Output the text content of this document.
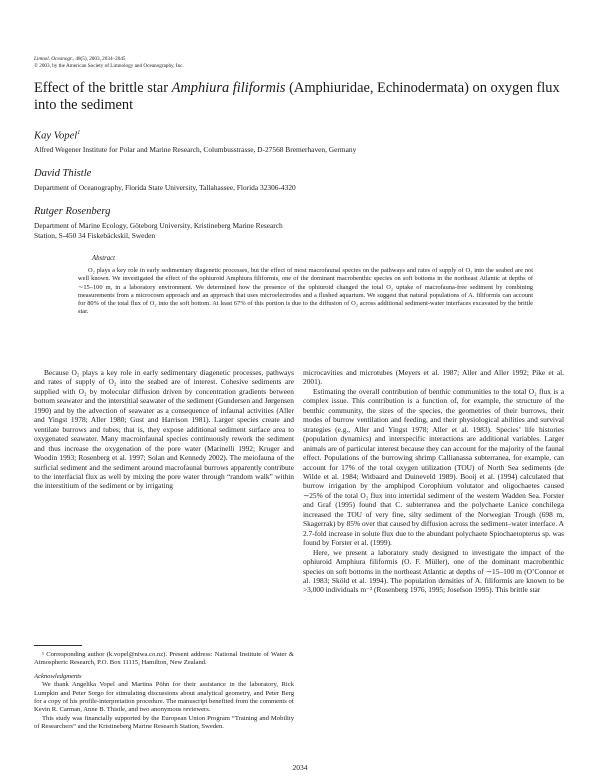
Limnol. Oceanogr., 48(5), 2003, 2034–2045
© 2003, by the American Society of Limnology and Oceanography, Inc.
Effect of the brittle star Amphiura filiformis (Amphiuridae, Echinodermata) on oxygen flux into the sediment
Kay Vopel$^1$
Alfred Wegener Institute for Polar and Marine Research, Columbusstrasse, D-27568 Bremerhaven, Germany
David Thistle
Department of Oceanography, Florida State University, Tallahassee, Florida 32306-4320
Rutger Rosenberg
Department of Marine Ecology, Göteborg University, Kristineberg Marine Research Station, S-450 34 Fiskebäckskil, Sweden
Abstract
O₂ plays a key role in early sedimentary diagenetic processes, but the effect of most macrofaunal species on the pathways and rates of supply of O₂ into the seabed are not well known. We investigated the effect of the ophiuroid Amphiura filiformis, one of the dominant macrobenthic species on soft bottoms in the northeast Atlantic at depths of ∼15–100 m, in a laboratory environment. We determined how the presence of the ophiuroid changed the total O₂ uptake of macrofauna-free sediment by combining measurements from a microcosm approach and an approach that uses microelectrodes and a flushed aquarium. We suggest that natural populations of A. filiformis can account for 80% of the total flux of O₂ into the soft bottom. At least 67% of this portion is due to the diffusion of O₂ across additional sediment-water interfaces excavated by the brittle star.

Because O₂ plays a key role in early sedimentary diagenetic processes, pathways and rates of supply of O₂ into the seabed are of interest. Cohesive sediments are supplied with O₂ by molecular diffusion driven by concentration gradients between bottom seawater and the interstitial seawater of the sediment (Gundersen and Jørgensen 1990) and by the advection of seawater as a consequence of infaunal activities (Aller and Yingst 1978; Aller 1980; Gust and Harrison 1981). Larger species create and ventilate burrows and tubes; that is, they expose additional sediment surface area to oxygenated seawater. Many macroinfaunal species continuously rework the sediment and thus increase the oxygenation of the pore water (Marinelli 1992; Kruger and Woodin 1993; Rosenberg et al. 1997; Solan and Kennedy 2002). The meiofauna of the surficial sediment and the sediment around macrofaunal burrows apparently contribute to the interfacial flux as well by mixing the pore water through “random walk” within the interstitium of the sediment or by irrigating

microcavities and microtubes (Meyers et al. 1987; Aller and Aller 1992; Pike et al. 2001).

Estimating the overall contribution of benthic communities to the total O₂ flux is a complex issue. This contribution is a function of, for example, the structure of the benthic community, the sizes of the species, the geometries of their burrows, their modes of burrow ventilation and feeding, and their physiological abilities and survival strategies (e.g., Aller and Yingst 1978; Aller et al. 1983). Species’ life histories (population dynamics) and interspecific interactions are additional variables. Larger animals are of particular interest because they can account for the majority of the faunal effect. Populations of the burrowing shrimp Callianassa subterranea, for example, can account for 17% of the total oxygen utilization (TOU) of North Sea sediments (de Wilde et al. 1984; Witbaard and Duineveld 1989). Booij et al. (1994) calculated that burrow irrigation by the amphipod Corophium volutator and oligochaetes caused ∼25% of the total O₂ flux into intertidal sediment of the western Wadden Sea. Forster and Graf (1995) found that C. subterranea and the polychaete Lanice conchilega increased the TOU of very fine, silty sediment of the Norwegian Trough (698 m, Skagerrak) by 85% over that caused by diffusion across the sediment–water interface. A 2.7-fold increase in solute flux due to the abundant polychaete Spiochaetopterus sp. was found by Forster et al. (1999).

Here, we present a laboratory study designed to investigate the impact of the ophiuroid Amphiura filiformis (O. F. Müller), one of the dominant macrobenthic species on soft bottoms in the northeast Atlantic at depths of ∼15–100 m (O’Connor et al. 1983; Sköld et al. 1994). The population densities of A. filiformis are known to be >3,000 individuals m⁻² (Rosenberg 1976, 1995; Josefson 1995). This brittle star

¹ Corresponding author (k.vopel@niwa.co.nz). Present address: National Institute of Water & Atmospheric Research, P.O. Box 11115, Hamilton, New Zealand.

Acknowledgments

We thank Angelika Vopel and Martina Pöhn for their assistance in the laboratory, Rick Lumpkin and Peter Sorgo for stimulating discussions about analytical geometry, and Peter Berg for a copy of his profile-interpretation procedure. The manuscript benefited from the comments of Kevin R. Carman, Anne B. Thistle, and two anonymous reviewers.

This study was financially supported by the European Union Program “Training and Mobility of Researchers” and the Kristineberg Marine Research Station, Sweden.

2034
